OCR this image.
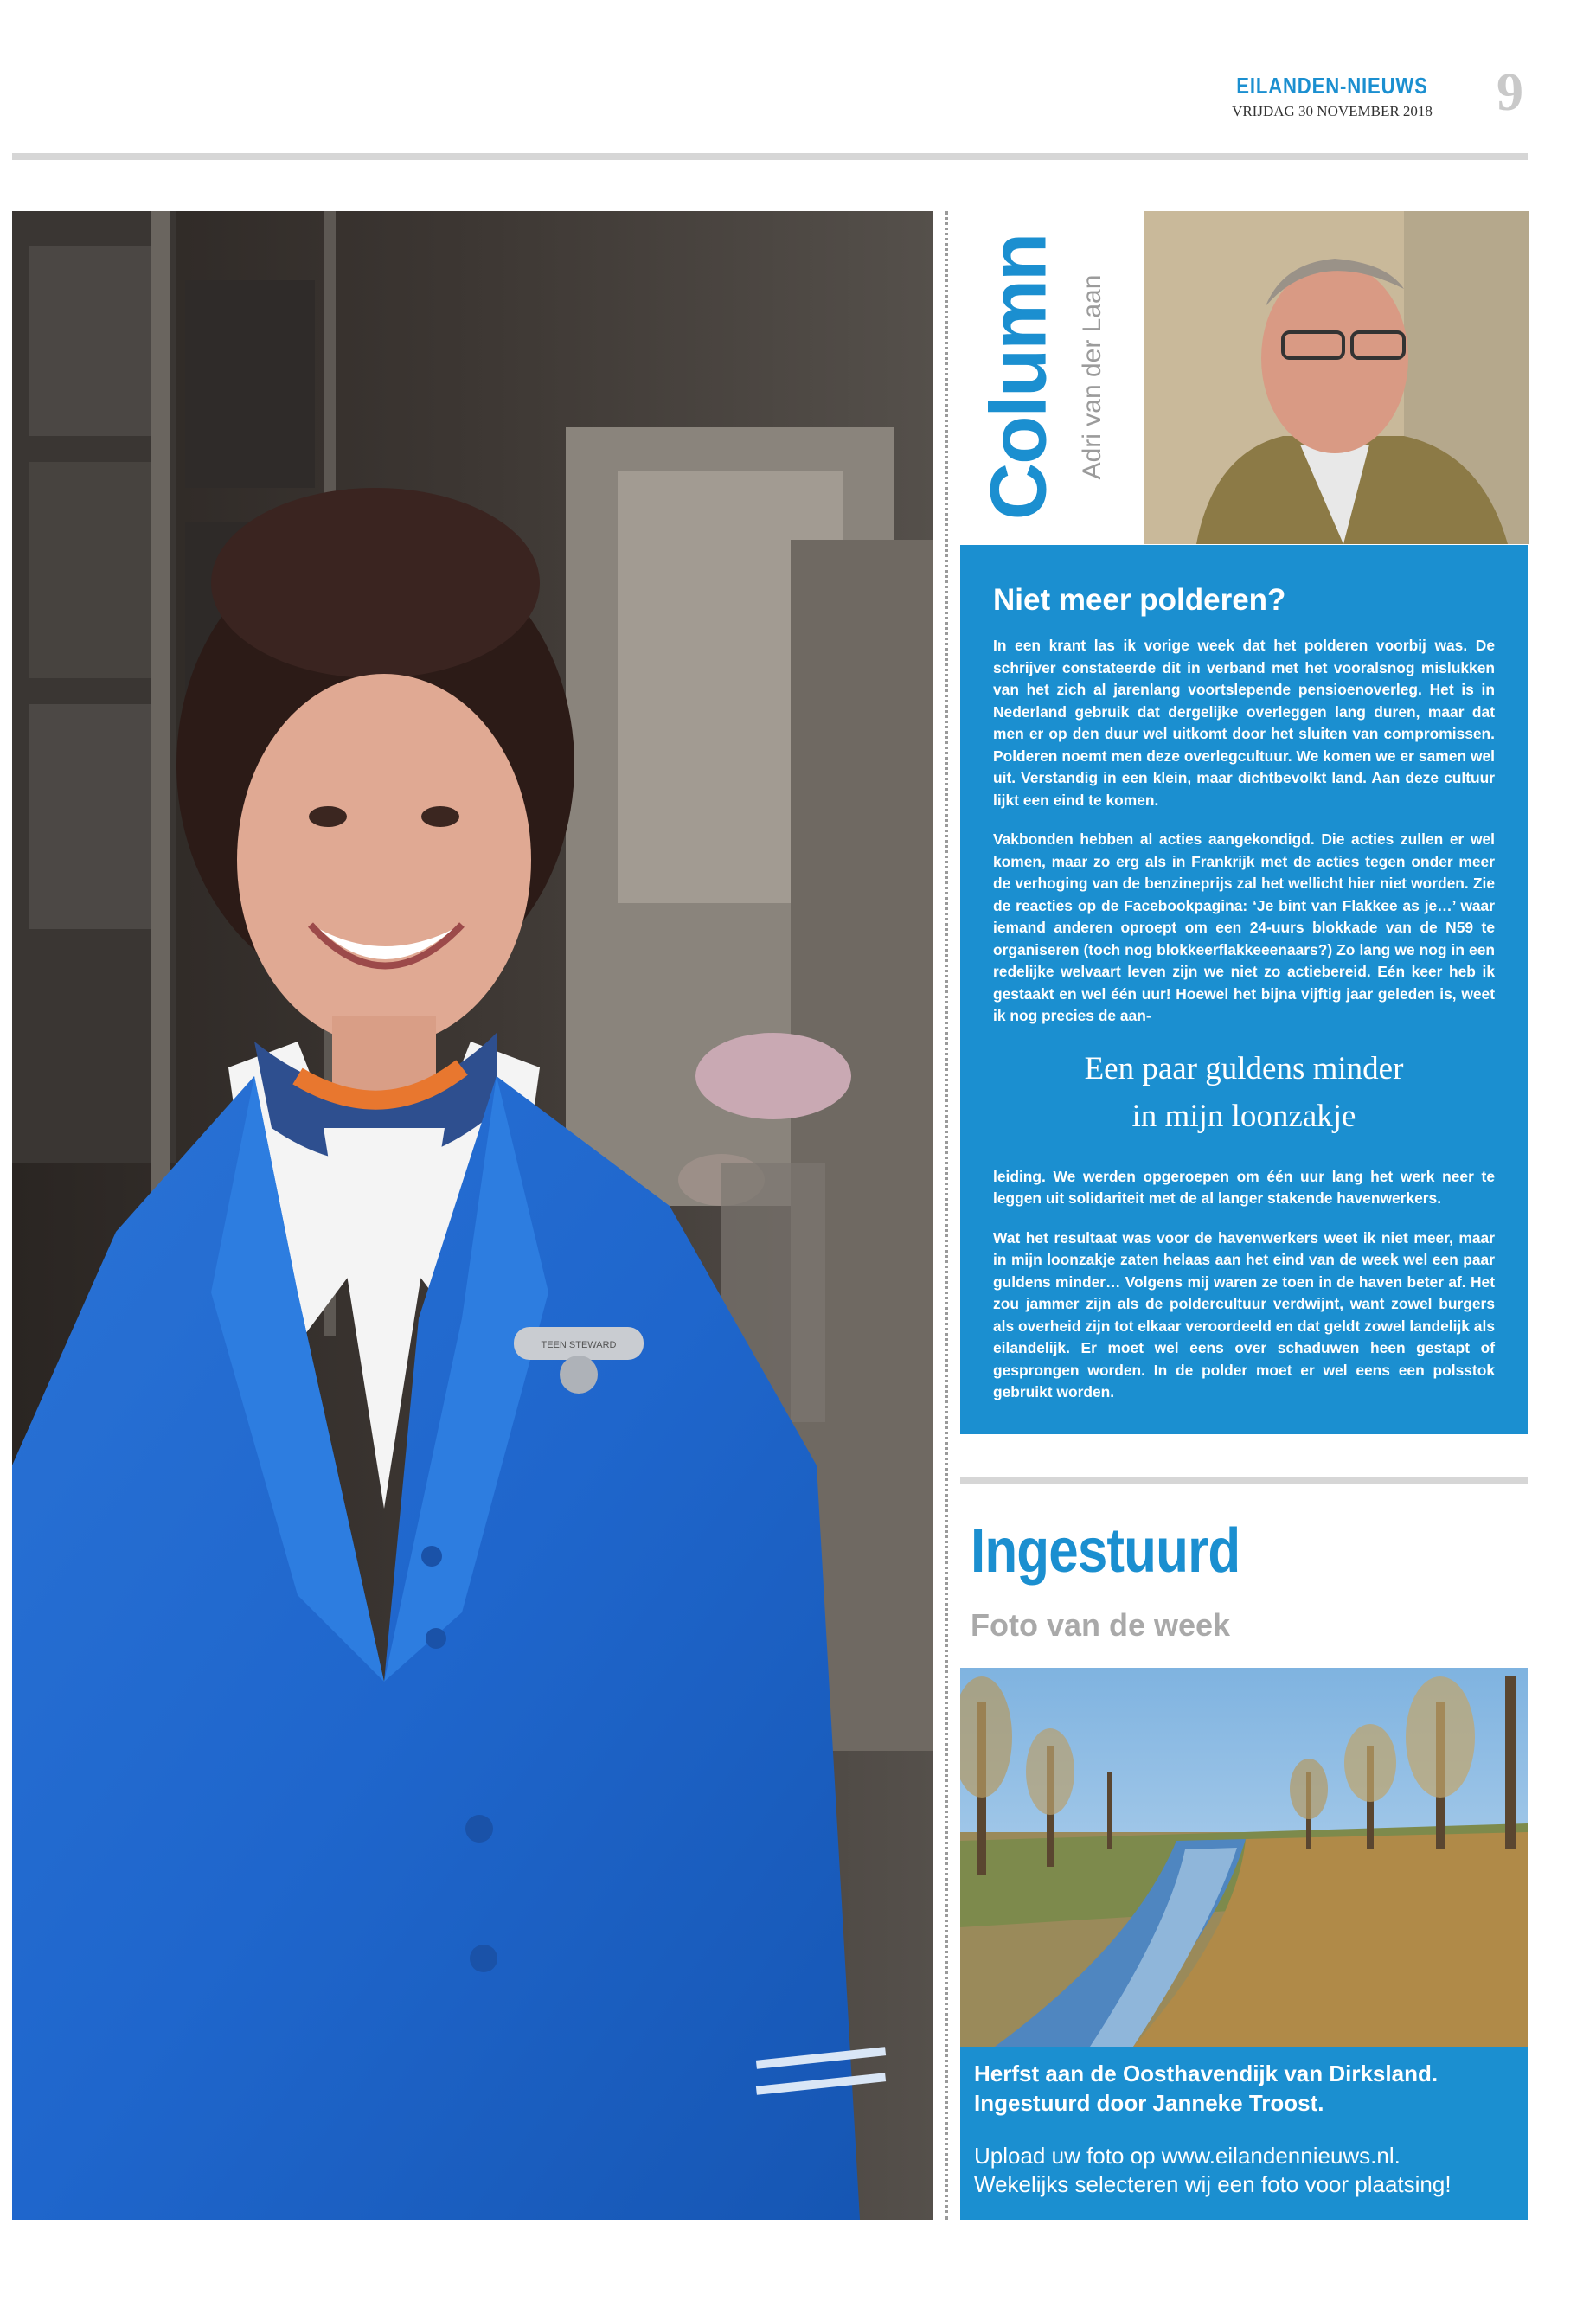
EILANDEN-NIEUWS
VRIJDAG 30 NOVEMBER 2018	9
TEEN STEWARD
Column Adri van der Laan
Niet meer polderen?

In een krant las ik vorige week dat het polderen voorbij was. De schrijver constateerde dit in verband met het vooralsnog mislukken van het zich al jarenlang voortslepende pensioenoverleg. Het is in Nederland gebruik dat dergelijke overleggen lang duren, maar dat men er op den duur wel uitkomt door het sluiten van compromissen. Polderen noemt men deze overlegcultuur. We komen we er samen wel uit. Verstandig in een klein, maar dichtbevolkt land. Aan deze cultuur lijkt een eind te komen.

Vakbonden hebben al acties aangekondigd. Die acties zullen er wel komen, maar zo erg als in Frankrijk met de acties tegen onder meer de verhoging van de benzineprijs zal het wellicht hier niet worden. Zie de reacties op de Facebookpagina: ‘Je bint van Flakkee as je…’ waar iemand anderen oproept om een 24-uurs blokkade van de N59 te organiseren (toch nog blokkeerflakkeeenaars?) Zo lang we nog in een redelijke welvaart leven zijn we niet zo actiebereid. Eén keer heb ik gestaakt en wel één uur! Hoewel het bijna vijftig jaar geleden is, weet ik nog precies de aan-

Een paar guldens minder
in mijn loonzakje

leiding. We werden opgeroepen om één uur lang het werk neer te leggen uit solidariteit met de al langer stakende havenwerkers.

Wat het resultaat was voor de havenwerkers weet ik niet meer, maar in mijn loonzakje zaten helaas aan het eind van de week wel een paar guldens minder… Volgens mij waren ze toen in de haven beter af. Het zou jammer zijn als de poldercultuur verdwijnt, want zowel burgers als overheid zijn tot elkaar veroordeeld en dat geldt zowel landelijk als eilandelijk. Er moet wel eens over schaduwen heen gestapt of gesprongen worden. In de polder moet er wel eens een polsstok gebruikt worden.

Ingestuurd
Foto van de week
Herfst aan de Oosthavendijk van Dirksland.
Ingestuurd door Janneke Troost.
Upload uw foto op www.eilandennieuws.nl.
Wekelijks selecteren wij een foto voor plaatsing!
